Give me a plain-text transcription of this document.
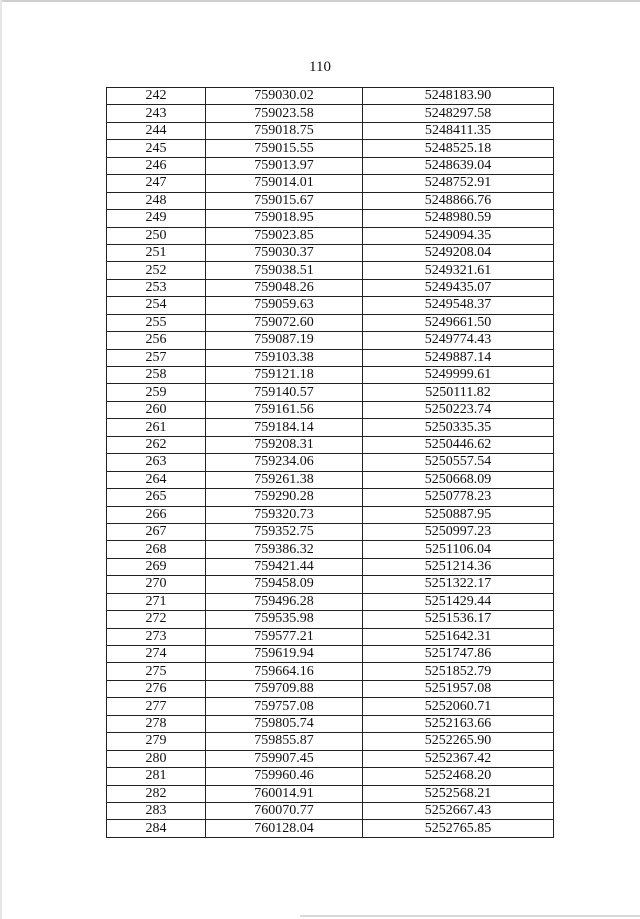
110
242	759030.02	5248183.90
243	759023.58	5248297.58
244	759018.75	5248411.35
245	759015.55	5248525.18
246	759013.97	5248639.04
247	759014.01	5248752.91
248	759015.67	5248866.76
249	759018.95	5248980.59
250	759023.85	5249094.35
251	759030.37	5249208.04
252	759038.51	5249321.61
253	759048.26	5249435.07
254	759059.63	5249548.37
255	759072.60	5249661.50
256	759087.19	5249774.43
257	759103.38	5249887.14
258	759121.18	5249999.61
259	759140.57	5250111.82
260	759161.56	5250223.74
261	759184.14	5250335.35
262	759208.31	5250446.62
263	759234.06	5250557.54
264	759261.38	5250668.09
265	759290.28	5250778.23
266	759320.73	5250887.95
267	759352.75	5250997.23
268	759386.32	5251106.04
269	759421.44	5251214.36
270	759458.09	5251322.17
271	759496.28	5251429.44
272	759535.98	5251536.17
273	759577.21	5251642.31
274	759619.94	5251747.86
275	759664.16	5251852.79
276	759709.88	5251957.08
277	759757.08	5252060.71
278	759805.74	5252163.66
279	759855.87	5252265.90
280	759907.45	5252367.42
281	759960.46	5252468.20
282	760014.91	5252568.21
283	760070.77	5252667.43
284	760128.04	5252765.85
